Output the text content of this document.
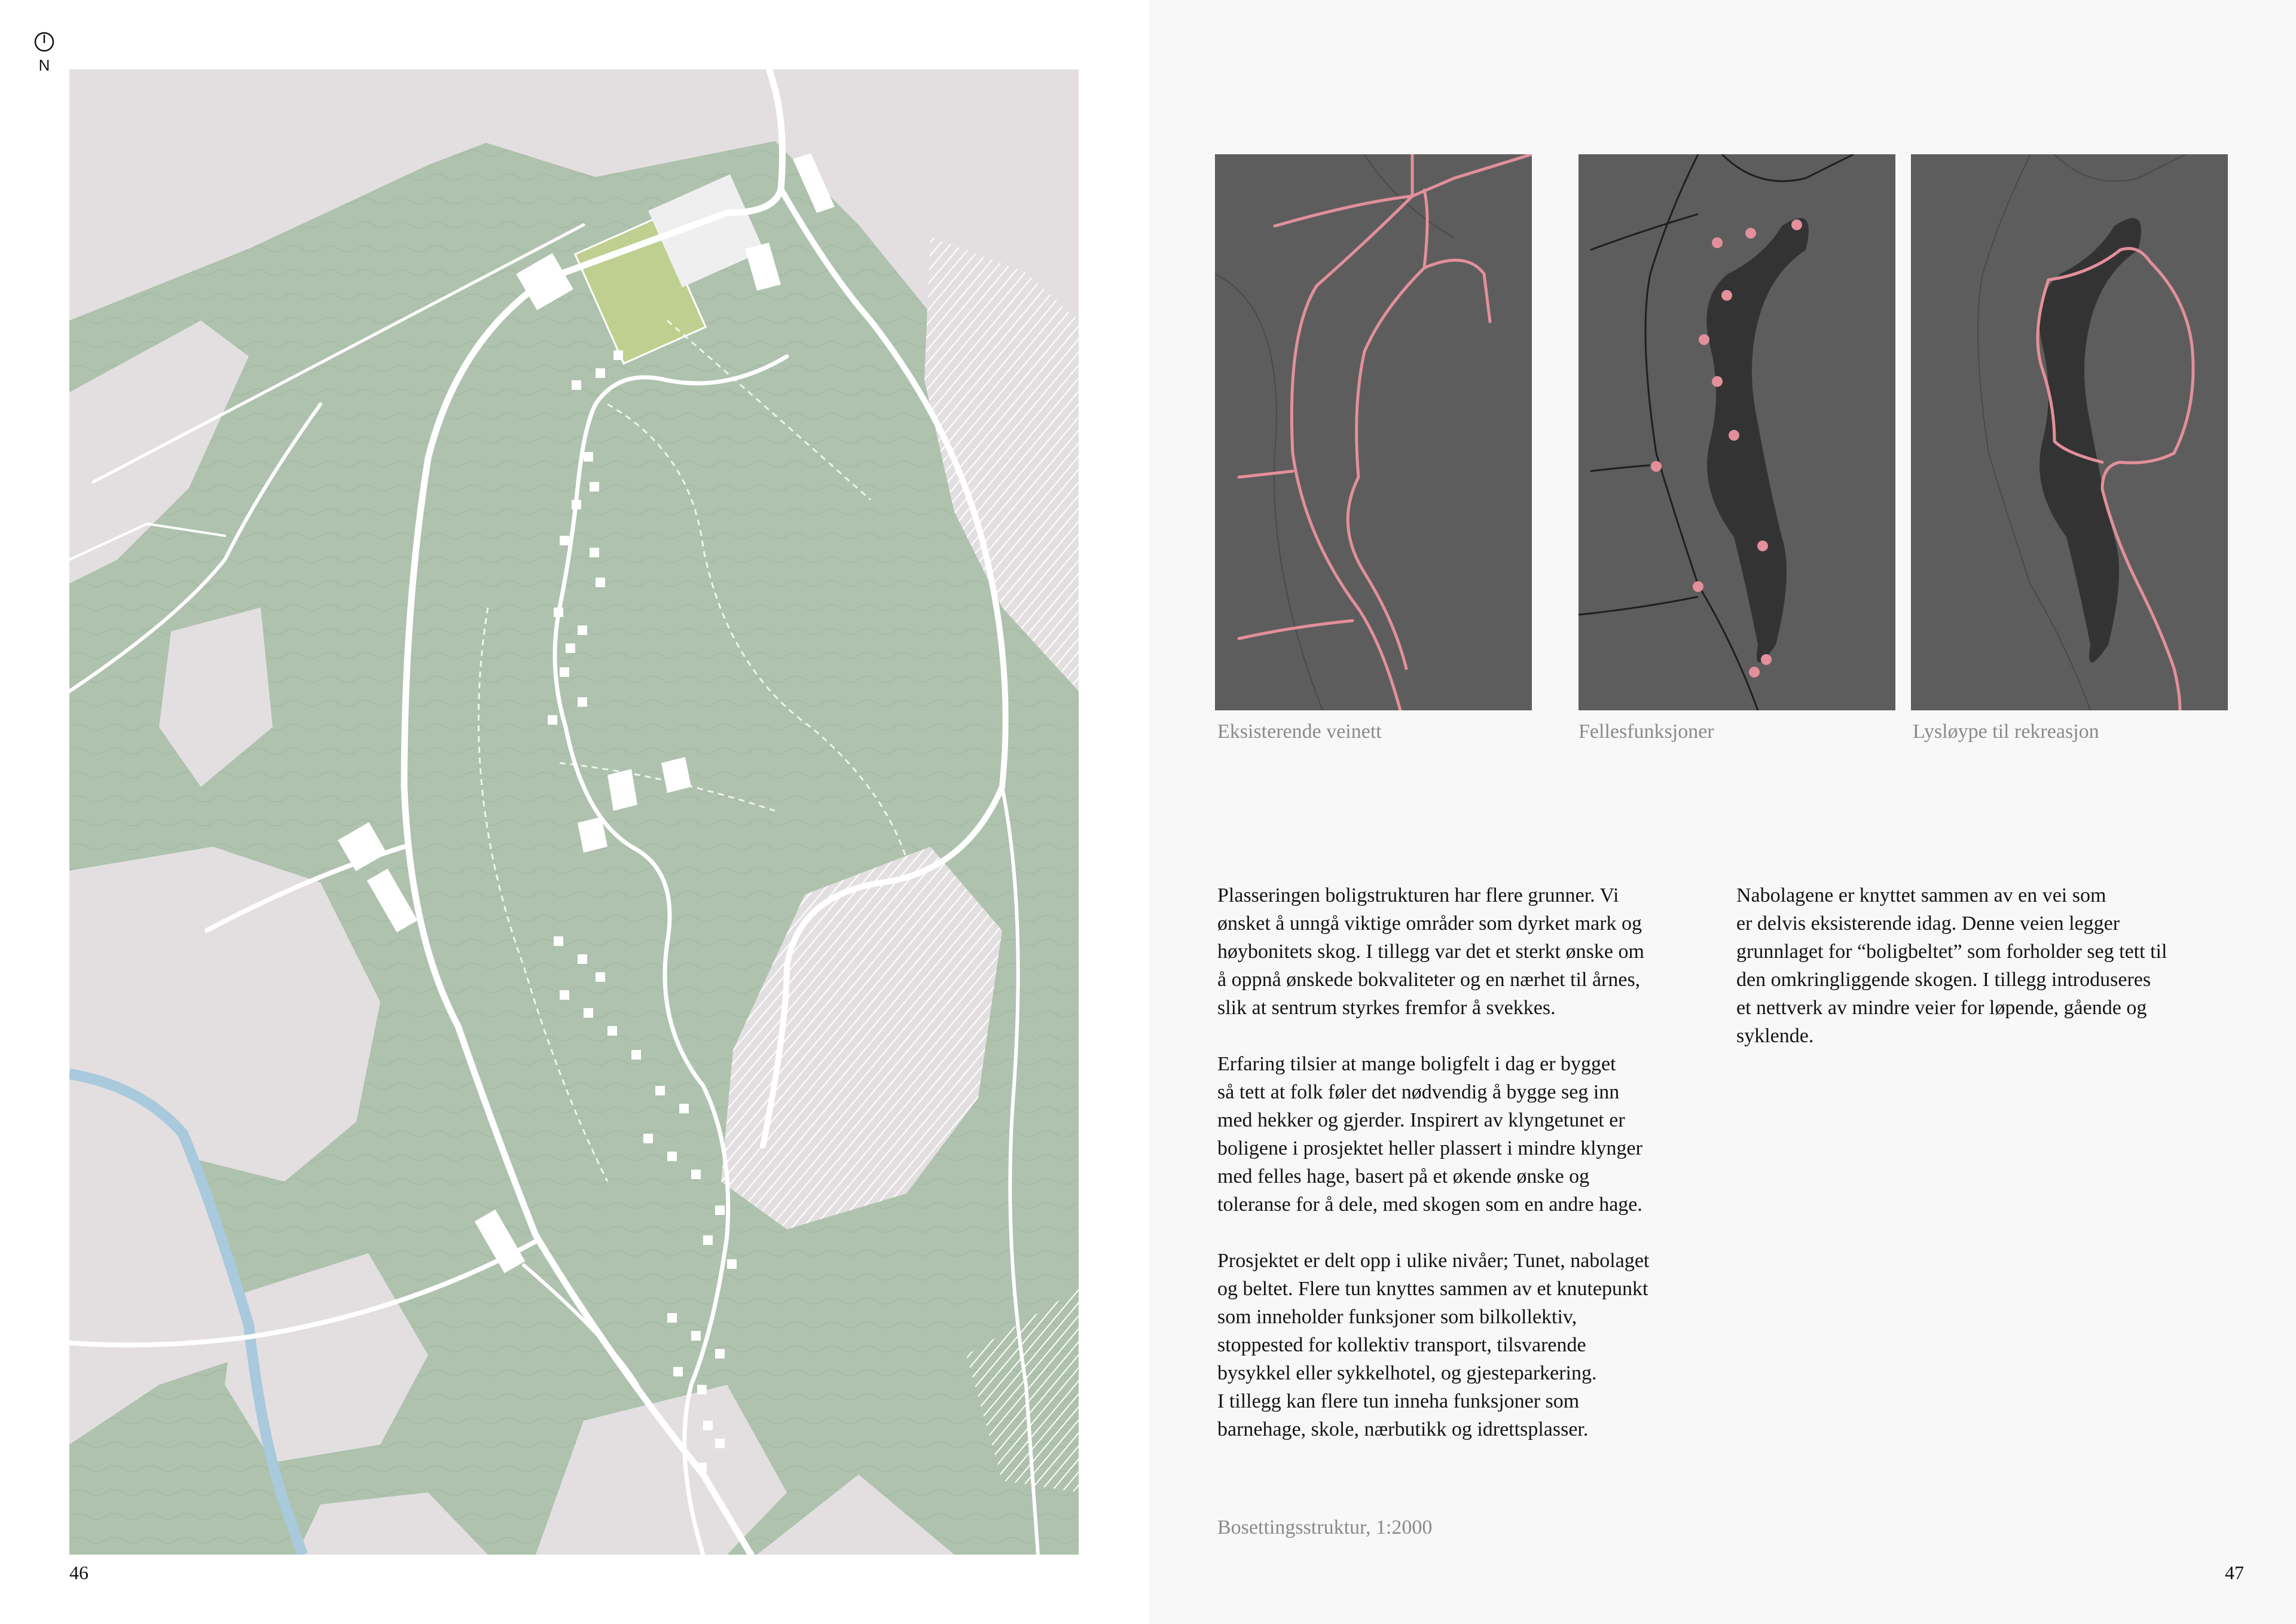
N
46
Eksisterende veinett	Fellesfunksjoner	Lysløype til rekreasjon

Plasseringen boligstrukturen har flere grunner. Vi
ønsket å unngå viktige områder som dyrket mark og
høybonitets skog. I tillegg var det et sterkt ønske om
å oppnå ønskede bokvaliteter og en nærhet til årnes,
slik at sentrum styrkes fremfor å svekkes.

Erfaring tilsier at mange boligfelt i dag er bygget
så tett at folk føler det nødvendig å bygge seg inn
med hekker og gjerder. Inspirert av klyngetunet er
boligene i prosjektet heller plassert i mindre klynger
med felles hage, basert på et økende ønske og
toleranse for å dele, med skogen som en andre hage.

Prosjektet er delt opp i ulike nivåer; Tunet, nabolaget
og beltet. Flere tun knyttes sammen av et knutepunkt
som inneholder funksjoner som bilkollektiv,
stoppested for kollektiv transport, tilsvarende
bysykkel eller sykkelhotel, og gjesteparkering.
I tillegg kan flere tun inneha funksjoner som
barnehage, skole, nærbutikk og idrettsplasser.

Nabolagene er knyttet sammen av en vei som
er delvis eksisterende idag. Denne veien legger
grunnlaget for “boligbeltet” som forholder seg tett til
den omkringliggende skogen. I tillegg introduseres
et nettverk av mindre veier for løpende, gående og
syklende.

Bosettingsstruktur, 1:2000
47
